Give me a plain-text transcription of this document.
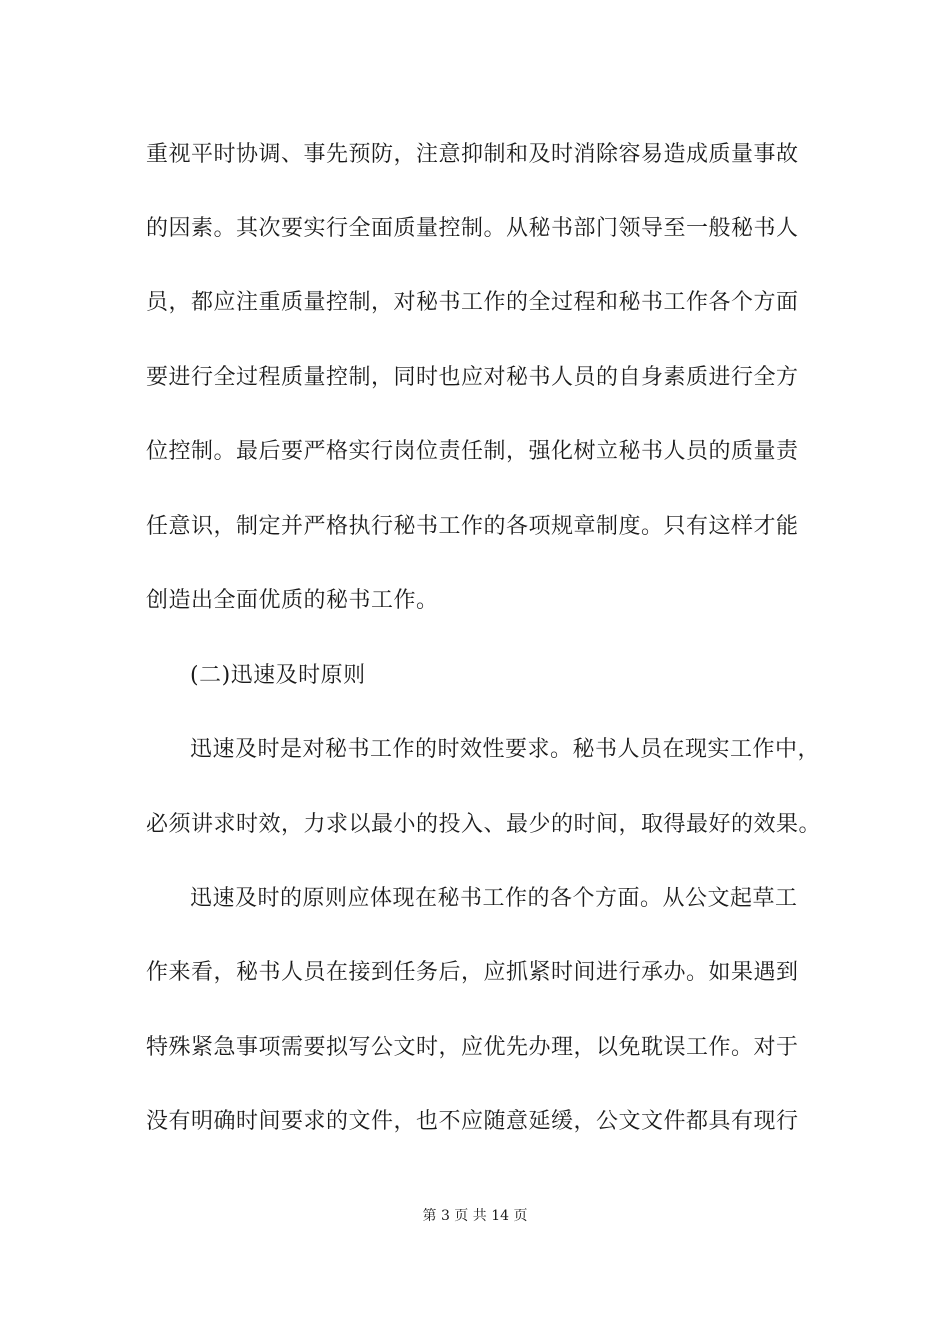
重视平时协调、事先预防，注意抑制和及时消除容易造成质量事故
的因素。其次要实行全面质量控制。从秘书部门领导至一般秘书人
员，都应注重质量控制，对秘书工作的全过程和秘书工作各个方面
要进行全过程质量控制，同时也应对秘书人员的自身素质进行全方
位控制。最后要严格实行岗位责任制，强化树立秘书人员的质量责
任意识，制定并严格执行秘书工作的各项规章制度。只有这样才能
创造出全面优质的秘书工作。
(二)迅速及时原则
迅速及时是对秘书工作的时效性要求。秘书人员在现实工作中，
必须讲求时效，力求以最小的投入、最少的时间，取得最好的效果。
迅速及时的原则应体现在秘书工作的各个方面。从公文起草工
作来看，秘书人员在接到任务后，应抓紧时间进行承办。如果遇到
特殊紧急事项需要拟写公文时，应优先办理，以免耽误工作。对于
没有明确时间要求的文件，也不应随意延缓，公文文件都具有现行
第 3 页 共 14 页
